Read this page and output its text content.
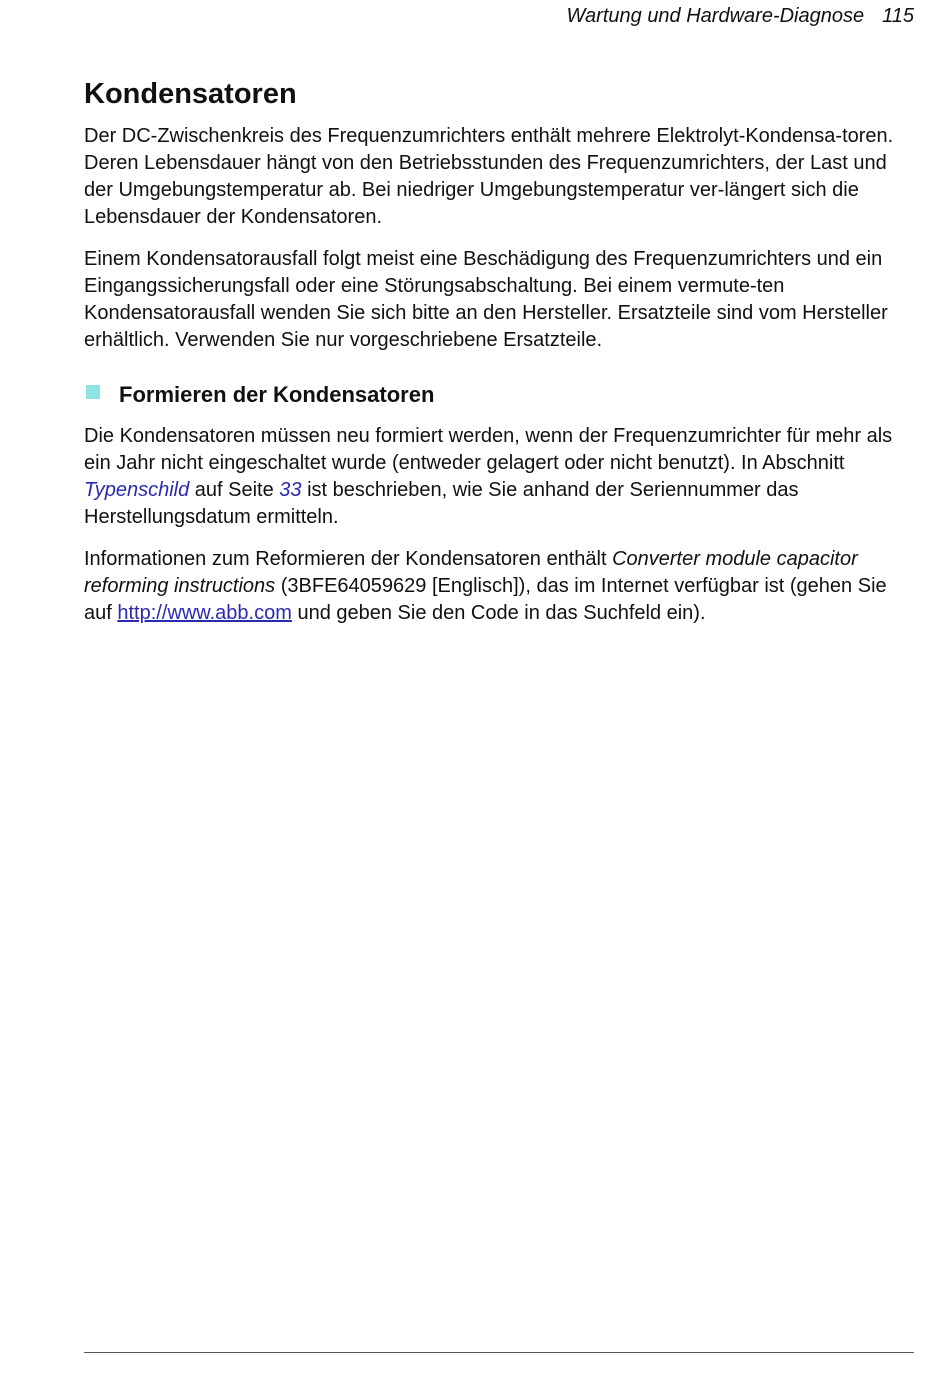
Wartung und Hardware-Diagnose 115
Kondensatoren

Der DC-Zwischenkreis des Frequenzumrichters enthält mehrere Elektrolyt-Kondensa-toren. Deren Lebensdauer hängt von den Betriebsstunden des Frequenzumrichters, der Last und der Umgebungstemperatur ab. Bei niedriger Umgebungstemperatur ver-längert sich die Lebensdauer der Kondensatoren.

Einem Kondensatorausfall folgt meist eine Beschädigung des Frequenzumrichters und ein Eingangssicherungsfall oder eine Störungsabschaltung. Bei einem vermute-ten Kondensatorausfall wenden Sie sich bitte an den Hersteller. Ersatzteile sind vom Hersteller erhältlich. Verwenden Sie nur vorgeschriebene Ersatzteile.

Formieren der Kondensatoren

Die Kondensatoren müssen neu formiert werden, wenn der Frequenzumrichter für mehr als ein Jahr nicht eingeschaltet wurde (entweder gelagert oder nicht benutzt). In Abschnitt Typenschild auf Seite 33 ist beschrieben, wie Sie anhand der Seriennummer das Herstellungsdatum ermitteln.

Informationen zum Reformieren der Kondensatoren enthält Converter module capacitor reforming instructions (3BFE64059629 [Englisch]), das im Internet verfügbar ist (gehen Sie auf http://www.abb.com und geben Sie den Code in das Suchfeld ein).
